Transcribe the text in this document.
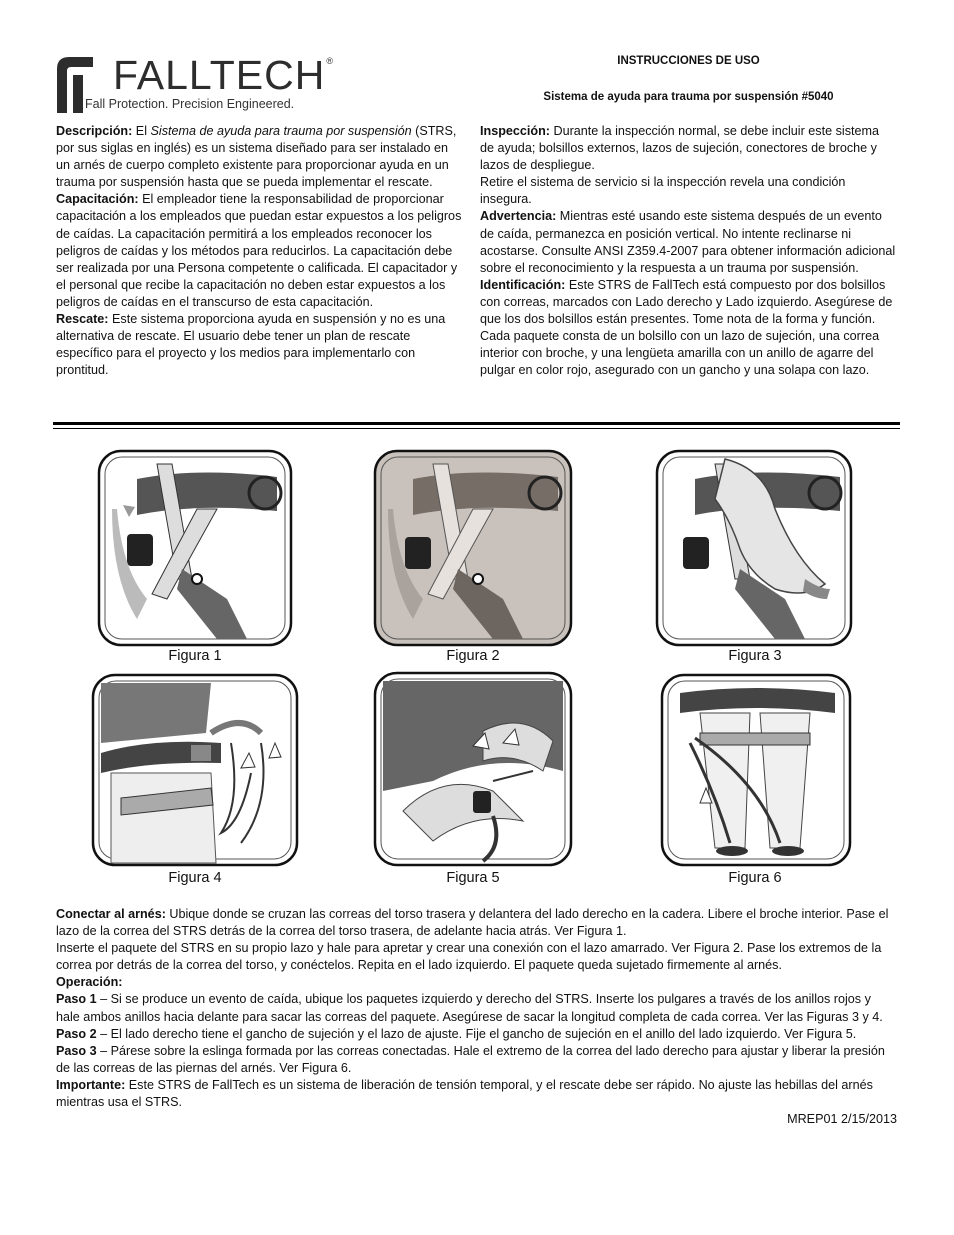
FALLTECH®
Fall Protection. Precision Engineered.
INSTRUCCIONES DE USO
Sistema de ayuda para trauma por suspensión #5040

Descripción: El Sistema de ayuda para trauma por suspensión (STRS, por sus siglas en inglés) es un sistema diseñado para ser instalado en un arnés de cuerpo completo existente para proporcionar ayuda en un trauma por suspensión hasta que se pueda implementar el rescate.

Capacitación: El empleador tiene la responsabilidad de proporcionar capacitación a los empleados que puedan estar expuestos a los peligros de caídas. La capacitación permitirá a los empleados reconocer los peligros de caídas y los métodos para reducirlos. La capacitación debe ser realizada por una Persona competente o calificada. El capacitador y el personal que recibe la capacitación no deben estar expuestos a los peligros de caídas en el transcurso de esta capacitación.

Rescate: Este sistema proporciona ayuda en suspensión y no es una alternativa de rescate. El usuario debe tener un plan de rescate específico para el proyecto y los medios para implementarlo con prontitud.

Inspección: Durante la inspección normal, se debe incluir este sistema de ayuda; bolsillos externos, lazos de sujeción, conectores de broche y lazos de despliegue.

Retire el sistema de servicio si la inspección revela una condición insegura.

Advertencia: Mientras esté usando este sistema después de un evento de caída, permanezca en posición vertical. No intente reclinarse ni acostarse. Consulte ANSI Z359.4-2007 para obtener información adicional sobre el reconocimiento y la respuesta a un trauma por suspensión.

Identificación: Este STRS de FallTech está compuesto por dos bolsillos con correas, marcados con Lado derecho y Lado izquierdo. Asegúrese de que los dos bolsillos están presentes. Tome nota de la forma y función. Cada paquete consta de un bolsillo con un lazo de sujeción, una correa interior con broche, y una lengüeta amarilla con un anillo de agarre del pulgar en color rojo, asegurado con un gancho y una solapa con lazo.

Figura 1	Figura 2	Figura 3
Figura 4	Figura 5	Figura 6

Conectar al arnés: Ubique donde se cruzan las correas del torso trasera y delantera del lado derecho en la cadera. Libere el broche interior. Pase el lazo de la correa del STRS detrás de la correa del torso trasera, de adelante hacia atrás. Ver Figura 1.

Inserte el paquete del STRS en su propio lazo y hale para apretar y crear una conexión con el lazo amarrado. Ver Figura 2. Pase los extremos de la correa por detrás de la correa del torso, y conéctelos. Repita en el lado izquierdo. El paquete queda sujetado firmemente al arnés.

Operación:

Paso 1 – Si se produce un evento de caída, ubique los paquetes izquierdo y derecho del STRS. Inserte los pulgares a través de los anillos rojos y hale ambos anillos hacia delante para sacar las correas del paquete. Asegúrese de sacar la longitud completa de cada correa. Ver las Figuras 3 y 4.

Paso 2 – El lado derecho tiene el gancho de sujeción y el lazo de ajuste. Fije el gancho de sujeción en el anillo del lado izquierdo. Ver Figura 5.

Paso 3 – Párese sobre la eslinga formada por las correas conectadas. Hale el extremo de la correa del lado derecho para ajustar y liberar la presión de las correas de las piernas del arnés. Ver Figura 6.

Importante: Este STRS de FallTech es un sistema de liberación de tensión temporal, y el rescate debe ser rápido. No ajuste las hebillas del arnés mientras usa el STRS.

MREP01 2/15/2013
